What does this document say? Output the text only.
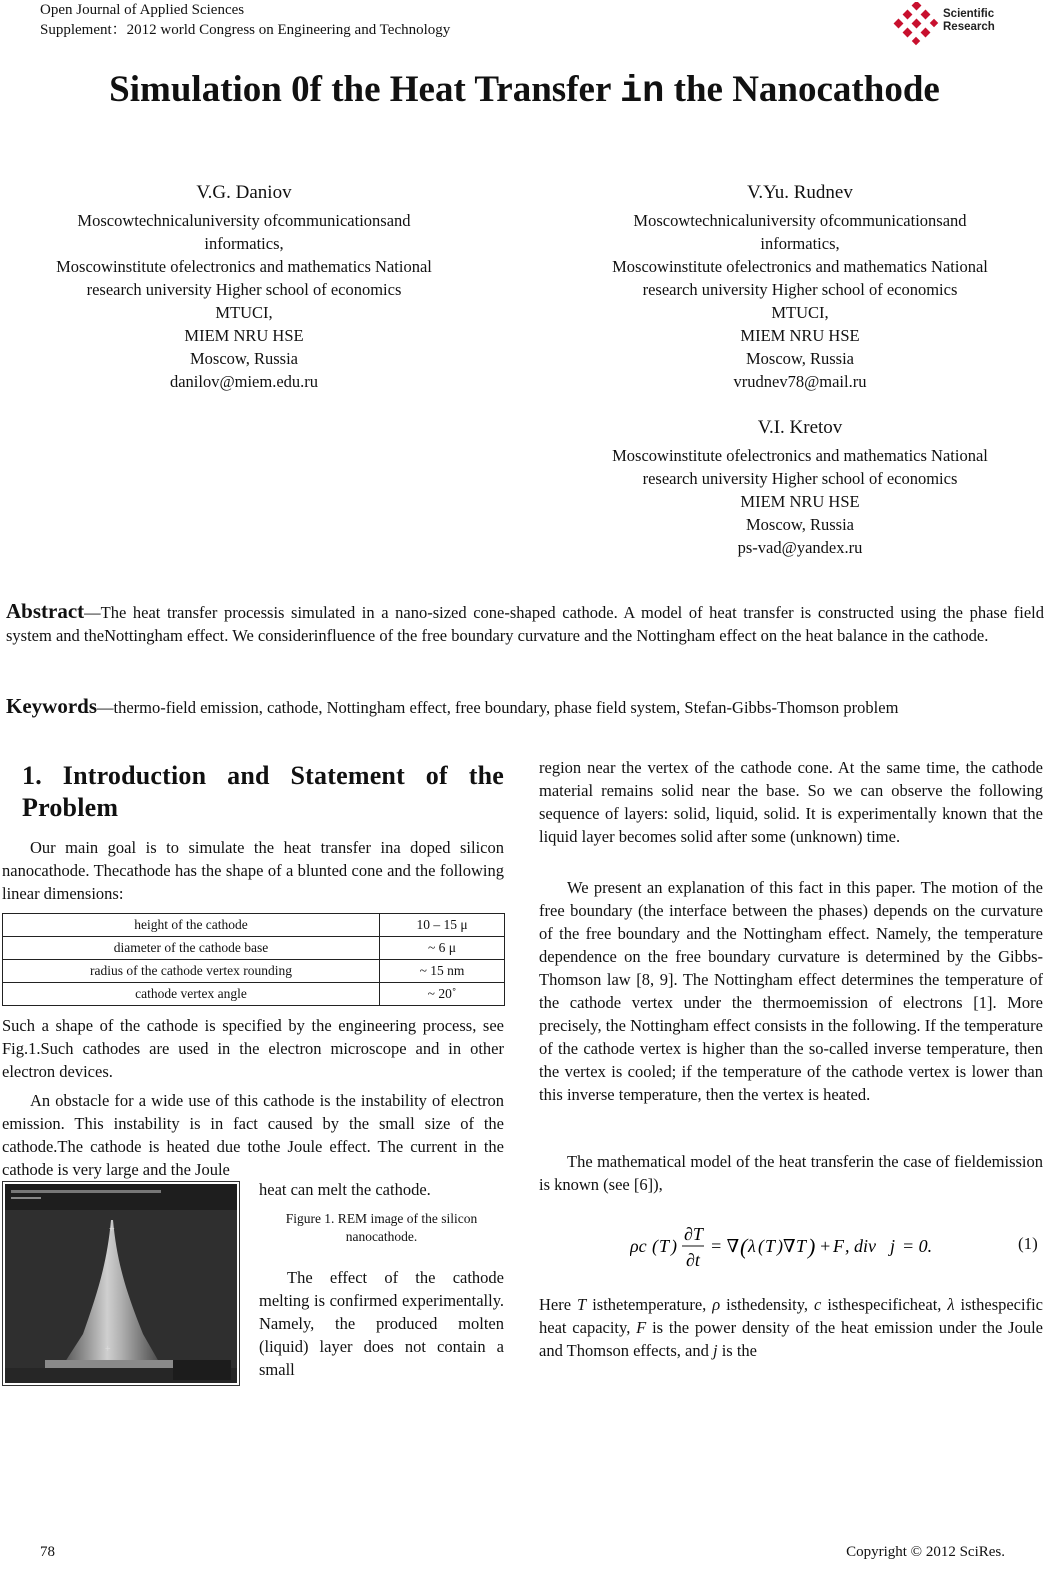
Open Journal of Applied Sciences
Supplement：2012 world Congress on Engineering and Technology
Scientific
Research
Simulation 0f the Heat Transfer in the Nanocathode
V.G. Daniov
Moscowtechnicaluniversity ofcommunicationsand
informatics,
Moscowinstitute ofelectronics and mathematics National
research university Higher school of economics
MTUCI,
MIEM NRU HSE
Moscow, Russia
danilov@miem.edu.ru
V.Yu. Rudnev
Moscowtechnicaluniversity ofcommunicationsand
informatics,
Moscowinstitute ofelectronics and mathematics National
research university Higher school of economics
MTUCI,
MIEM NRU HSE
Moscow, Russia
vrudnev78@mail.ru
V.I. Kretov
Moscowinstitute ofelectronics and mathematics National
research university Higher school of economics
MIEM NRU HSE
Moscow, Russia
ps-vad@yandex.ru
Abstract—The heat transfer processis simulated in a nano-sized cone-shaped cathode. A model of heat transfer is constructed using the phase field system and theNottingham effect. We considerinfluence of the free boundary curvature and the Nottingham effect on the heat balance in the cathode.
Keywords—thermo-field emission, cathode, Nottingham effect, free boundary, phase field system, Stefan-Gibbs-Thomson problem
1. Introduction and Statement of the Problem
Our main goal is to simulate the heat transfer ina doped silicon nanocathode. Thecathode has the shape of a blunted cone and the following linear dimensions:
height of the cathode	10 – 15 μ
diameter of the cathode base	~ 6 μ
radius of the cathode vertex rounding	~ 15 nm
cathode vertex angle	~ 20˚
Such a shape of the cathode is specified by the engineering process, see Fig.1.Such cathodes are used in the electron microscope and in other electron devices.
An obstacle for a wide use of this cathode is the instability of electron emission. This instability is in fact caused by the small size of the cathode.The cathode is heated due tothe Joule effect. The current in the cathode is very large and the Joule
heat can melt the cathode.
+
+
Figure 1. REM image of the silicon nanocathode.
The effect of the cathode melting is confirmed experimentally. Namely, the produced molten (liquid) layer does not contain a small
region near the vertex of the cathode cone. At the same time, the cathode material remains solid near the base. So we can observe the following sequence of layers: solid, liquid, solid. It is experimentally known that the liquid layer becomes solid after some (unknown) time.
We present an explanation of this fact in this paper. The motion of the free boundary (the interface between the phases) depends on the curvature of the free boundary and the Nottingham effect. Namely, the temperature dependence on the free boundary curvature is determined by the Gibbs-Thomson law [8, 9]. The Nottingham effect determines the temperature of the cathode vertex under the thermoemission of electrons [1]. More precisely, the Nottingham effect consists in the following. If the temperature of the cathode vertex is higher than the so-called inverse temperature, then the vertex is cooled; if the temperature of the cathode vertex is lower than this inverse temperature, then the vertex is heated.
The mathematical model of the heat transferin the case of fieldemission is known (see [6]),
ρc ( T )
∂T
∂t
= ∇ ( λ ( T )∇ T ) + F , div j = 0.	(1)
Here T isthetemperature, ρ isthedensity, c isthespecificheat, λ isthespecific heat capacity, F is the power density of the heat emission under the Joule and Thomson effects, and j is the
78	Copyright © 2012 SciRes.
